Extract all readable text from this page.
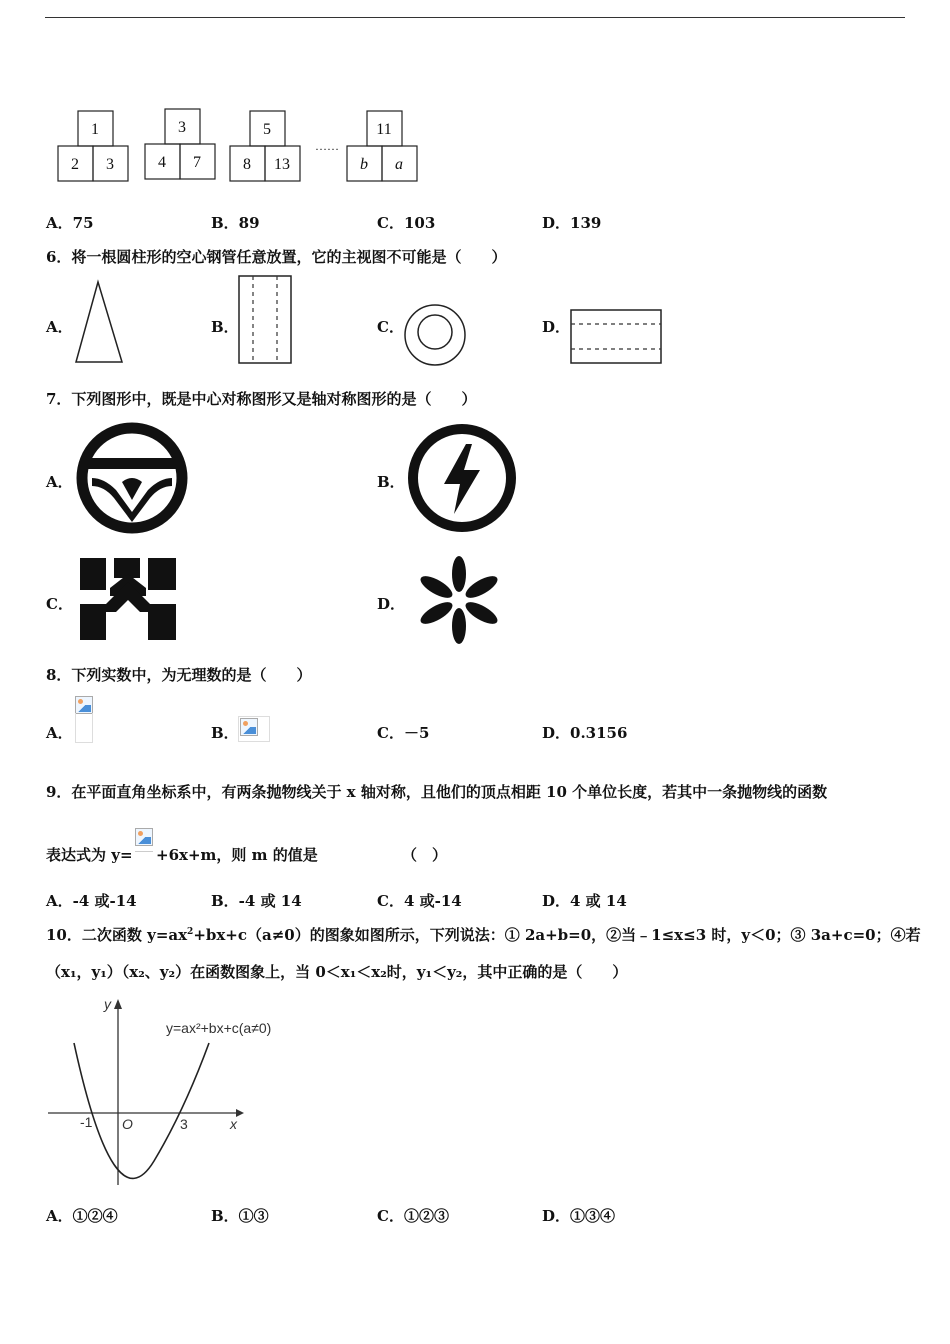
1
2 3
3
4 7
5
8 13
11
b a
……
A．75	B．89	C．103	D．139
6．将一根圆柱形的空心钢管任意放置，它的主视图不可能是（　　）
A．	B．	C．	D．
7．下列图形中，既是中心对称图形又是轴对称图形的是（　　）
A．	B．
C．	D．
8．下列实数中，为无理数的是（　　）
A．	B．	C．－5	D．0.3156
9．在平面直角坐标系中，有两条抛物线关于 x 轴对称，且他们的顶点相距 10 个单位长度，若其中一条抛物线的函数
表达式为 y= +6x+m，则 m 的值是	（　）
A．-4 或-14	B．-4 或 14	C．4 或-14	D．4 或 14
10．二次函数 $y=ax^2+bx+c(a\ne 0)$的图象如图所示，下列说法：① 2a+b=0，②当﹣1≤x≤3 时，y＜0；③ 3a+c=0；④若
（x₁，y₁）（x₂、y₂）在函数图象上，当 0＜x₁＜x₂时，y₁＜y₂，其中正确的是（　　）
y
x
O
-1	3
y=ax²+bx+c(a≠0)
A．①②④	B．①③	C．①②③	D．①③④
